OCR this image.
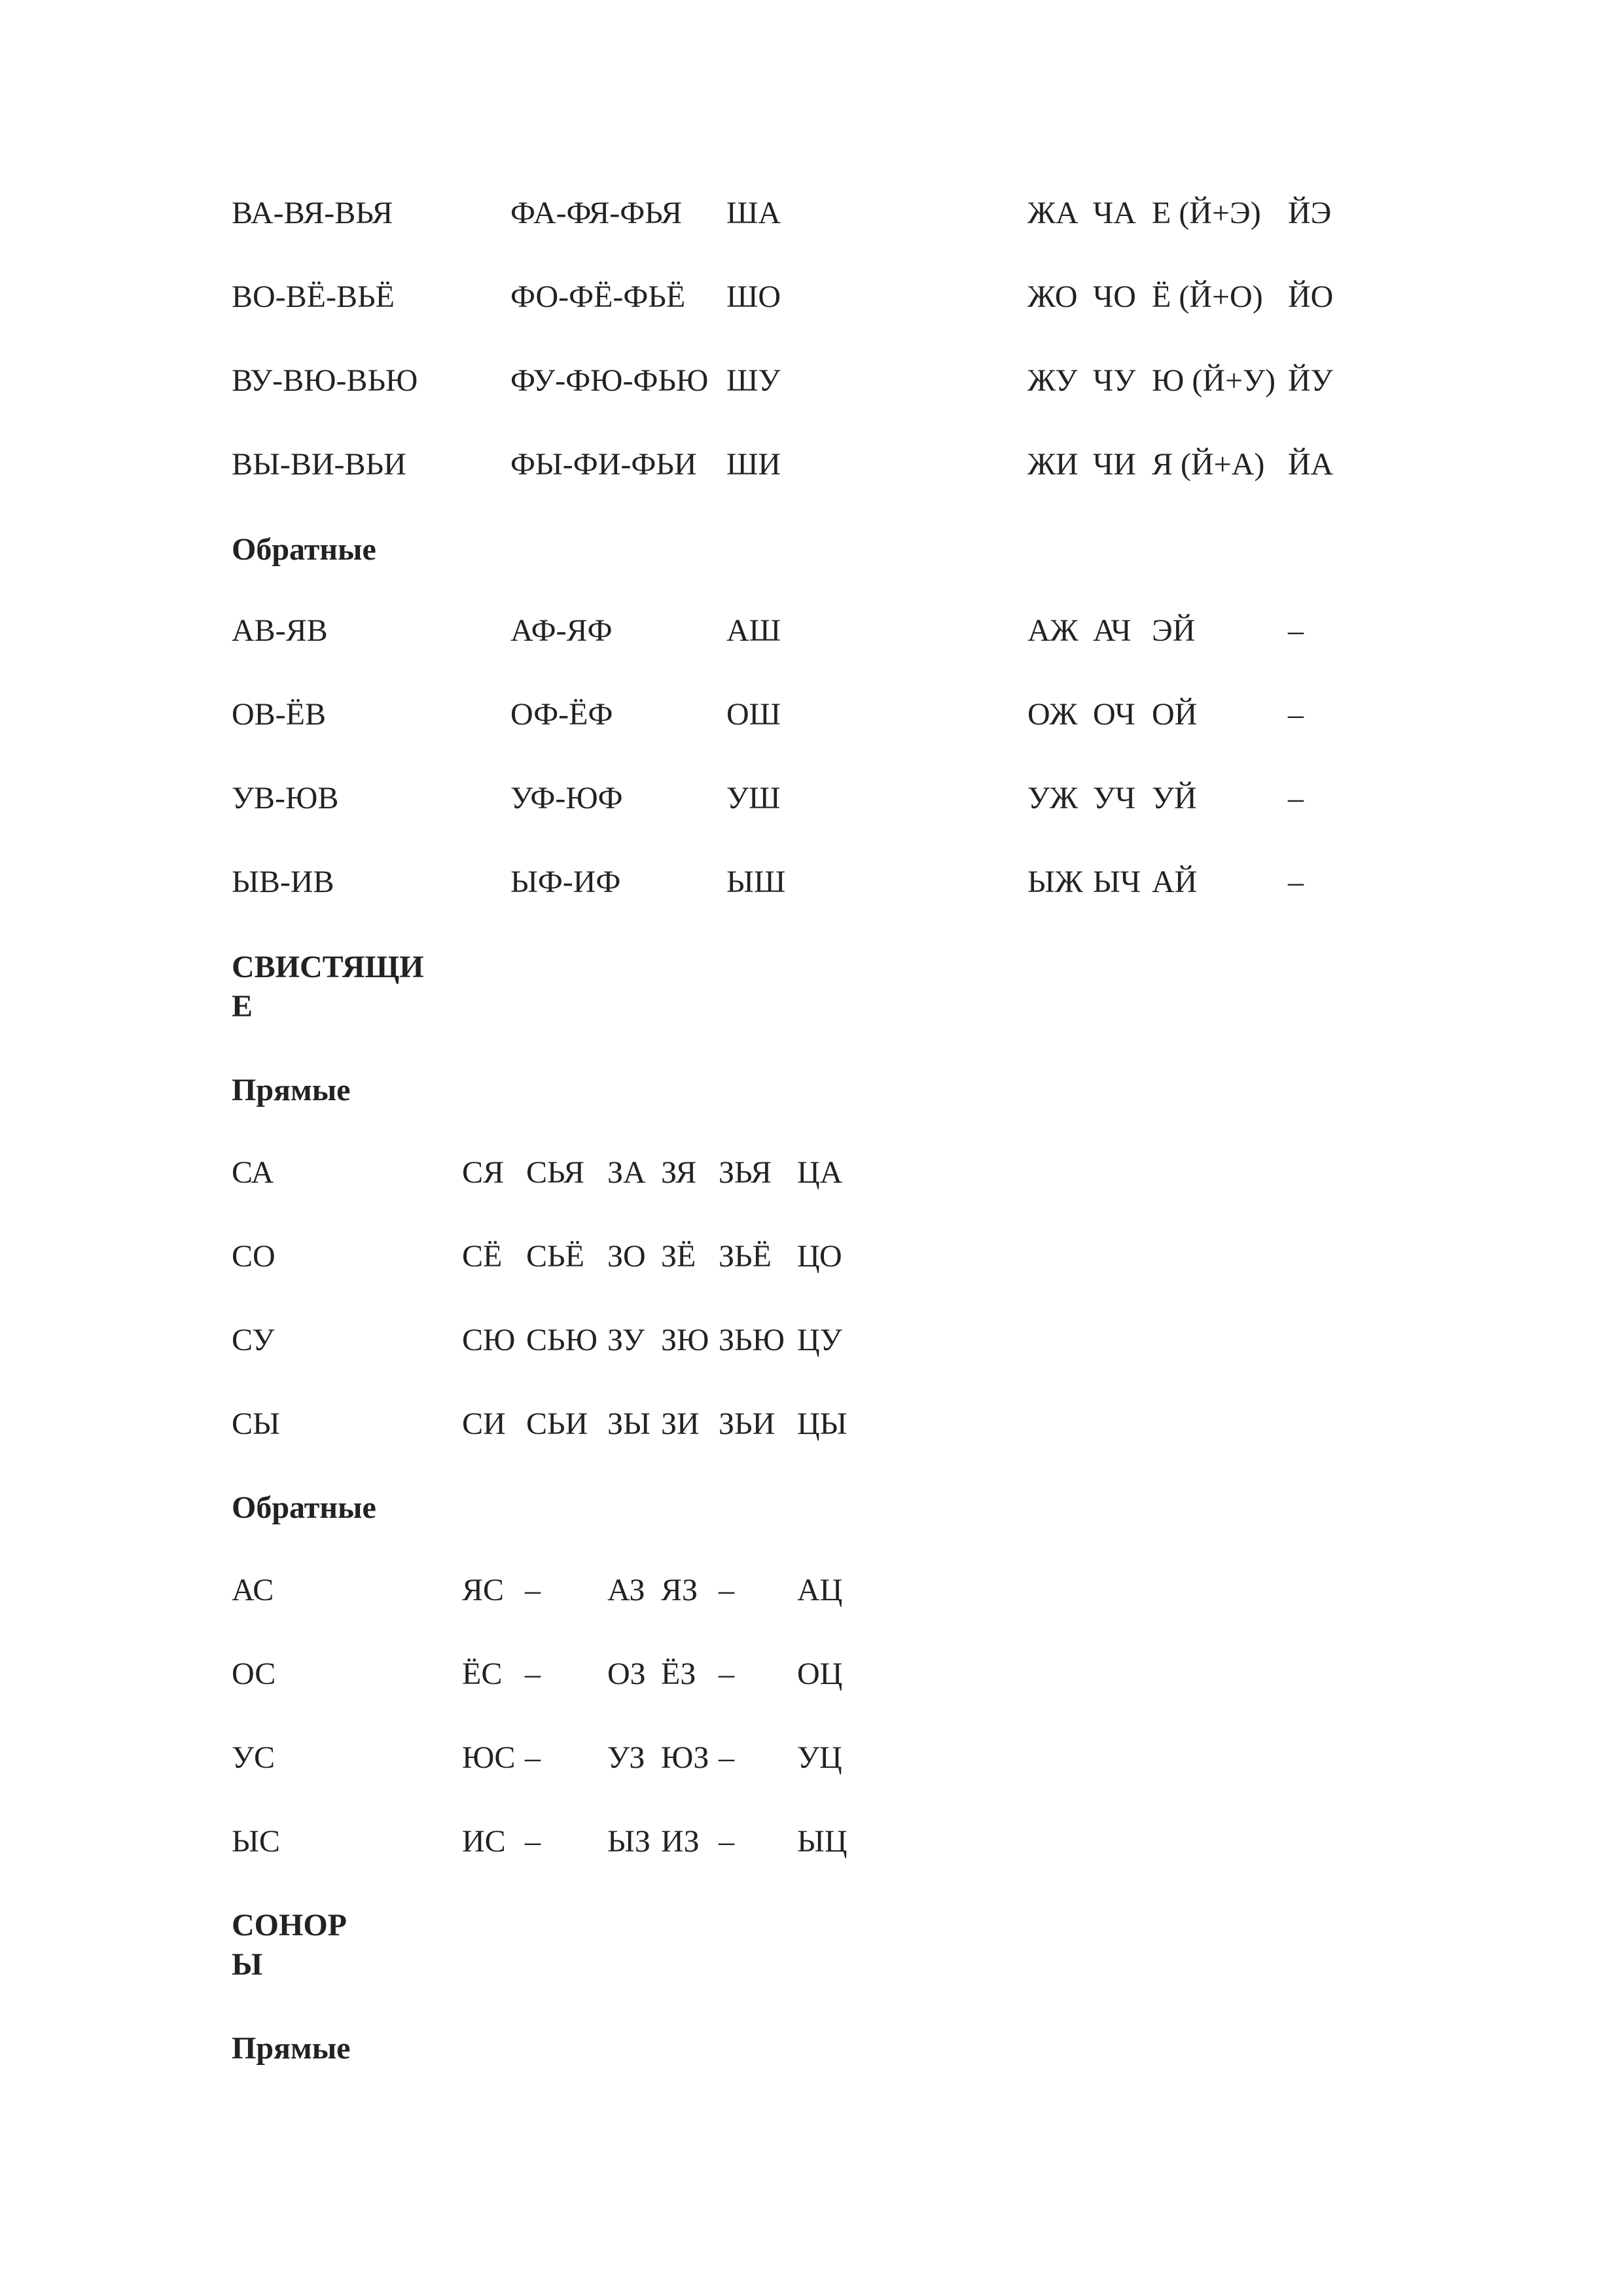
ВА-ВЯ-ВЬЯ	ФА-ФЯ-ФЬЯ ША	ЖА ЧА Е (Й+Э) ЙЭ
ВО-ВЁ-ВЬЁ	ФО-ФЁ-ФЬЁ ШО	ЖО ЧО Ё (Й+О) ЙО
ВУ-ВЮ-ВЬЮ	ФУ-ФЮ-ФЬЮ ШУ	ЖУ ЧУ Ю (Й+У) ЙУ
ВЫ-ВИ-ВЬИ	ФЫ-ФИ-ФЬИ ШИ	ЖИ ЧИ Я (Й+А) ЙА
Обратные
АВ-ЯВ	АФ-ЯФ	АШ	АЖ АЧ ЭЙ	–
ОВ-ЁВ	ОФ-ЁФ	ОШ	ОЖ ОЧ ОЙ	–
УВ-ЮВ	УФ-ЮФ	УШ	УЖ УЧ УЙ	–
ЫВ-ИВ	ЫФ-ИФ	ЫШ	ЫЖ ЫЧ АЙ	–
СВИСТЯЩИ
Е
Прямые
СА	СЯ СЬЯ ЗА ЗЯ ЗЬЯ ЦА
СО	СЁ СЬЁ ЗО ЗЁ ЗЬЁ ЦО
СУ	СЮ СЬЮ ЗУ ЗЮ ЗЬЮ ЦУ
СЫ	СИ СЬИ ЗЫ ЗИ ЗЬИ ЦЫ
Обратные
АС	ЯС – АЗ ЯЗ – АЦ
ОС	ЁС – ОЗ ЁЗ – ОЦ
УС	ЮС – УЗ ЮЗ – УЦ
ЫС	ИС – ЫЗ ИЗ – ЫЦ
СОНОР
Ы
Прямые
